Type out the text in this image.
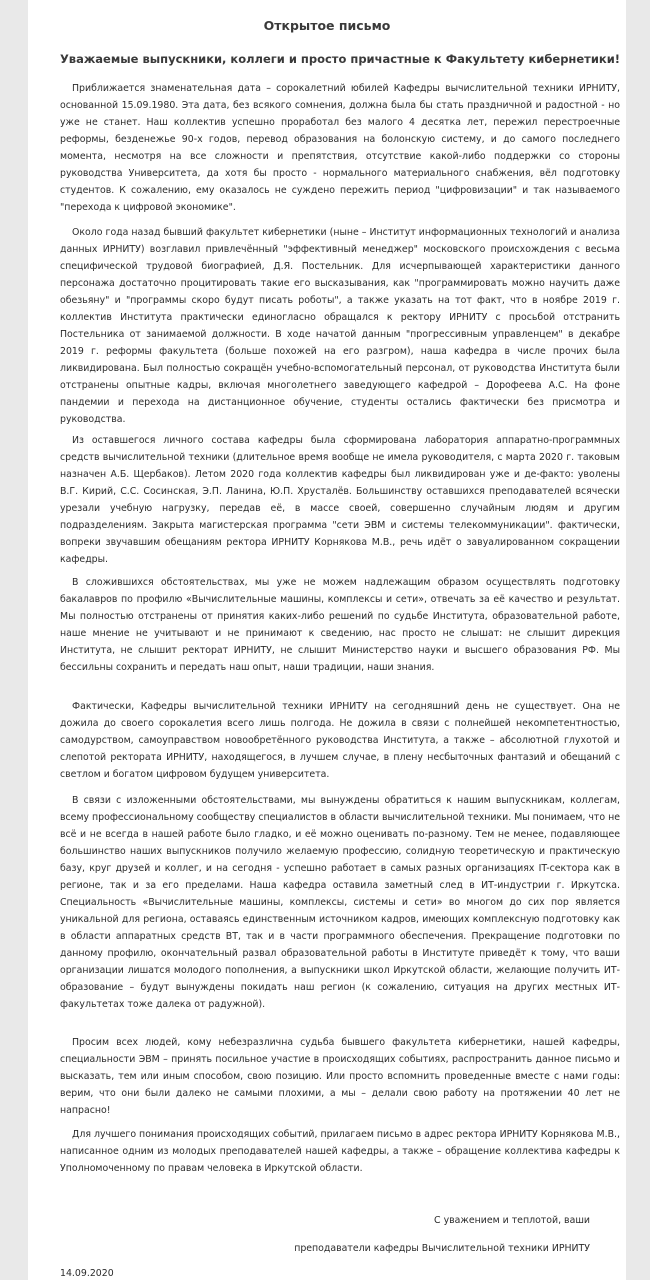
Открытое письмо
Уважаемые выпускники, коллеги и просто причастные к Факультету кибернетики!
Приближается знаменательная дата – сорокалетний юбилей Кафедры вычислительной техники ИРНИТУ, основанной 15.09.1980. Эта дата, без всякого сомнения, должна была бы стать праздничной и радостной - но уже не станет. Наш коллектив успешно проработал без малого 4 десятка лет, пережил перестроечные реформы, безденежье 90-х годов, перевод образования на болонскую систему, и до самого последнего момента, несмотря на все сложности и препятствия, отсутствие какой-либо поддержки со стороны руководства Университета, да хотя бы просто - нормального материального снабжения, вёл подготовку студентов. К сожалению, ему оказалось не суждено пережить период "цифровизации" и так называемого "перехода к цифровой экономике".
Около года назад бывший факультет кибернетики (ныне – Институт информационных технологий и анализа данных ИРНИТУ) возглавил привлечённый "эффективный менеджер" московского происхождения с весьма специфической трудовой биографией, Д.Я. Постельник. Для исчерпывающей характеристики данного персонажа достаточно процитировать такие его высказывания, как "программировать можно научить даже обезьяну" и "программы скоро будут писать роботы", а также указать на тот факт, что в ноябре 2019 г. коллектив Института практически единогласно обращался к ректору ИРНИТУ с просьбой отстранить Постельника от занимаемой должности. В ходе начатой данным "прогрессивным управленцем" в декабре 2019 г. реформы факультета (больше похожей на его разгром), наша кафедра в числе прочих была ликвидирована. Был полностью сокращён учебно-вспомогательный персонал, от руководства Института были отстранены опытные кадры, включая многолетнего заведующего кафедрой – Дорофеева А.С. На фоне пандемии и перехода на дистанционное обучение, студенты остались фактически без присмотра и руководства.
Из оставшегося личного состава кафедры была сформирована лаборатория аппаратно-программных средств вычислительной техники (длительное время вообще не имела руководителя, с марта 2020 г. таковым назначен А.Б. Щербаков). Летом 2020 года коллектив кафедры был ликвидирован уже и де-факто: уволены В.Г. Кирий, С.С. Сосинская, Э.П. Ланина, Ю.П. Хрусталёв. Большинству оставшихся преподавателей всячески урезали учебную нагрузку, передав её, в массе своей, совершенно случайным людям и другим подразделениям. Закрыта магистерская программа "сети ЭВМ и системы телекоммуникации". фактически, вопреки звучавшим обещаниям ректора ИРНИТУ Корнякова М.В., речь идёт о завуалированном сокращении кафедры.
В сложившихся обстоятельствах, мы уже не можем надлежащим образом осуществлять подготовку бакалавров по профилю «Вычислительные машины, комплексы и сети», отвечать за её качество и результат. Мы полностью отстранены от принятия каких-либо решений по судьбе Института, образовательной работе, наше мнение не учитывают и не принимают к сведению, нас просто не слышат: не слышит дирекция Института, не слышит ректорат ИРНИТУ, не слышит Министерство науки и высшего образования РФ. Мы бессильны сохранить и передать наш опыт, наши традиции, наши знания.
Фактически, Кафедры вычислительной техники ИРНИТУ на сегодняшний день не существует. Она не дожила до своего сорокалетия всего лишь полгода. Не дожила в связи с полнейшей некомпетентностью, самодурством, самоуправством новообретённого руководства Института, а также – абсолютной глухотой и слепотой ректората ИРНИТУ, находящегося, в лучшем случае, в плену несбыточных фантазий и обещаний с светлом и богатом цифровом будущем университета.
В связи с изложенными обстоятельствами, мы вынуждены обратиться к нашим выпускникам, коллегам, всему профессиональному сообществу специалистов в области вычислительной техники. Мы понимаем, что не всё и не всегда в нашей работе было гладко, и её можно оценивать по-разному. Тем не менее, подавляющее большинство наших выпускников получило желаемую профессию, солидную теоретическую и практическую базу, круг друзей и коллег, и на сегодня - успешно работает в самых разных организациях IT-сектора как в регионе, так и за его пределами. Наша кафедра оставила заметный след в ИТ-индустрии г. Иркутска. Специальность «Вычислительные машины, комплексы, системы и сети» во многом до сих пор является уникальной для региона, оставаясь единственным источником кадров, имеющих комплексную подготовку как в области аппаратных средств ВТ, так и в части программного обеспечения. Прекращение подготовки по данному профилю, окончательный развал образовательной работы в Институте приведёт к тому, что ваши организации лишатся молодого пополнения, а выпускники школ Иркутской области, желающие получить ИТ-образование – будут вынуждены покидать наш регион (к сожалению, ситуация на других местных ИТ-факультетах тоже далека от радужной).
Просим всех людей, кому небезразлична судьба бывшего факультета кибернетики, нашей кафедры, специальности ЭВМ – принять посильное участие в происходящих событиях, распространить данное письмо и высказать, тем или иным способом, свою позицию. Или просто вспомнить проведенные вместе с нами годы: верим, что они были далеко не самыми плохими, а мы – делали свою работу на протяжении 40 лет не напрасно!
Для лучшего понимания происходящих событий, прилагаем письмо в адрес ректора ИРНИТУ Корнякова М.В., написанное одним из молодых преподавателей нашей кафедры, а также – обращение коллектива кафедры к Уполномоченному по правам человека в Иркутской области.
С уважением и теплотой, ваши
преподаватели кафедры Вычислительной техники ИРНИТУ
14.09.2020
